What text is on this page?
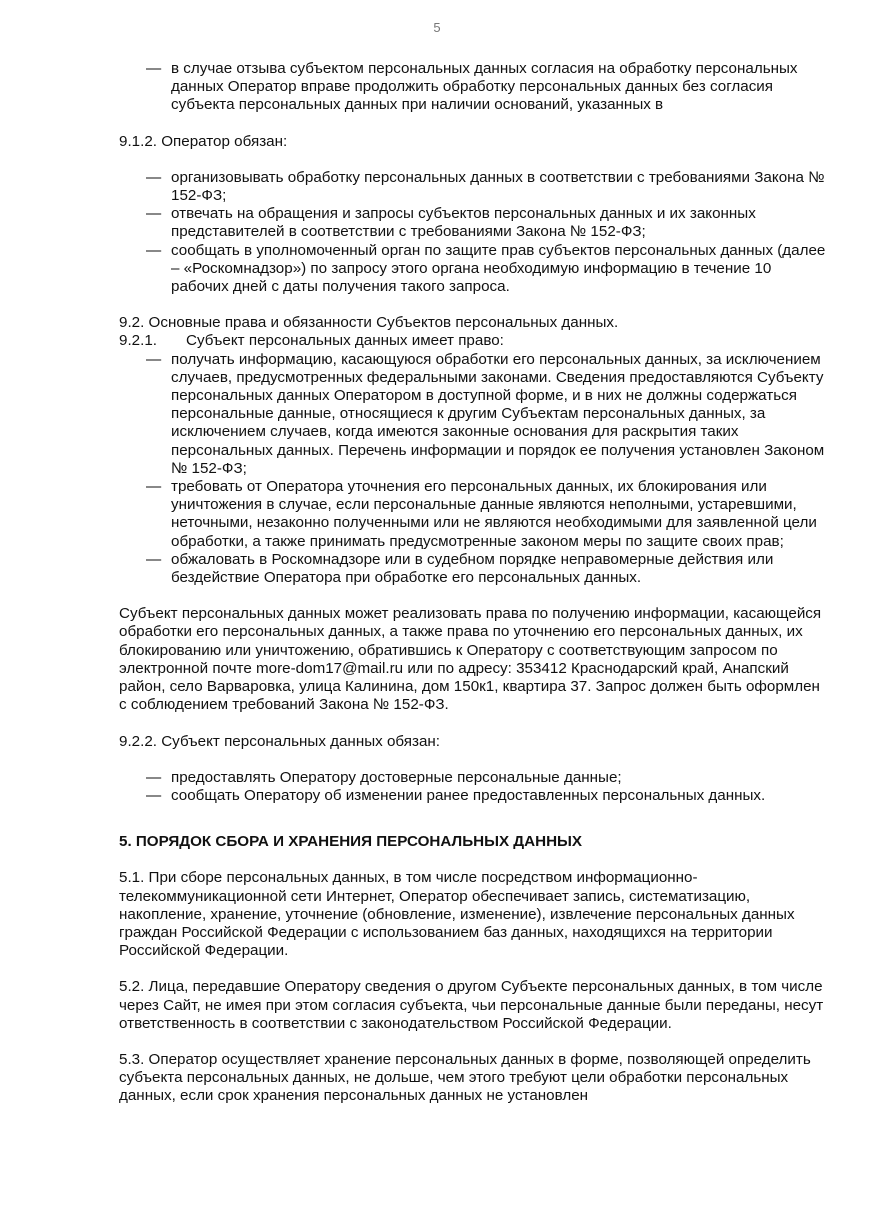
5
— в случае отзыва субъектом персональных данных согласия на обработку персональных данных Оператор вправе продолжить обработку персональных данных без согласия субъекта персональных данных при наличии оснований, указанных в

9.1.2. Оператор обязан:

— организовывать обработку персональных данных в соответствии с требованиями Закона № 152-ФЗ;
— отвечать на обращения и запросы субъектов персональных данных и их законных представителей в соответствии с требованиями Закона № 152-ФЗ;
— сообщать в уполномоченный орган по защите прав субъектов персональных данных (далее – «Роскомнадзор») по запросу этого органа необходимую информацию в течение 10 рабочих дней с даты получения такого запроса.

9.2. Основные права и обязанности Субъектов персональных данных.

9.2.1.	Субъект персональных данных имеет право:
— получать информацию, касающуюся обработки его персональных данных, за исключением случаев, предусмотренных федеральными законами. Сведения предоставляются Субъекту персональных данных Оператором в доступной форме, и в них не должны содержаться персональные данные, относящиеся к другим Субъектам персональных данных, за исключением случаев, когда имеются законные основания для раскрытия таких персональных данных. Перечень информации и порядок ее получения установлен Законом № 152-ФЗ;
— требовать от Оператора уточнения его персональных данных, их блокирования или уничтожения в случае, если персональные данные являются неполными, устаревшими, неточными, незаконно полученными или не являются необходимыми для заявленной цели обработки, а также принимать предусмотренные законом меры по защите своих прав;
— обжаловать в Роскомнадзоре или в судебном порядке неправомерные действия или бездействие Оператора при обработке его персональных данных.

Субъект персональных данных может реализовать права по получению информации, касающейся обработки его персональных данных, а также права по уточнению его персональных данных, их блокированию или уничтожению, обратившись к Оператору с соответствующим запросом по электронной почте more-dom17@mail.ru или по адресу: 353412 Краснодарский край, Анапский район, село Варваровка, улица Калинина, дом 150к1, квартира 37. Запрос должен быть оформлен с соблюдением требований Закона № 152-ФЗ.

9.2.2. Субъект персональных данных обязан:

— предоставлять Оператору достоверные персональные данные;
— сообщать Оператору об изменении ранее предоставленных персональных данных.

5. ПОРЯДОК СБОРА И ХРАНЕНИЯ ПЕРСОНАЛЬНЫХ ДАННЫХ

5.1. При сборе персональных данных, в том числе посредством информационно-телекоммуникационной сети Интернет, Оператор обеспечивает запись, систематизацию, накопление, хранение, уточнение (обновление, изменение), извлечение персональных данных граждан Российской Федерации с использованием баз данных, находящихся на территории Российской Федерации.

5.2. Лица, передавшие Оператору сведения о другом Субъекте персональных данных, в том числе через Сайт, не имея при этом согласия субъекта, чьи персональные данные были переданы, несут ответственность в соответствии с законодательством Российской Федерации.

5.3. Оператор осуществляет хранение персональных данных в форме, позволяющей определить субъекта персональных данных, не дольше, чем этого требуют цели обработки персональных данных, если срок хранения персональных данных не установлен
